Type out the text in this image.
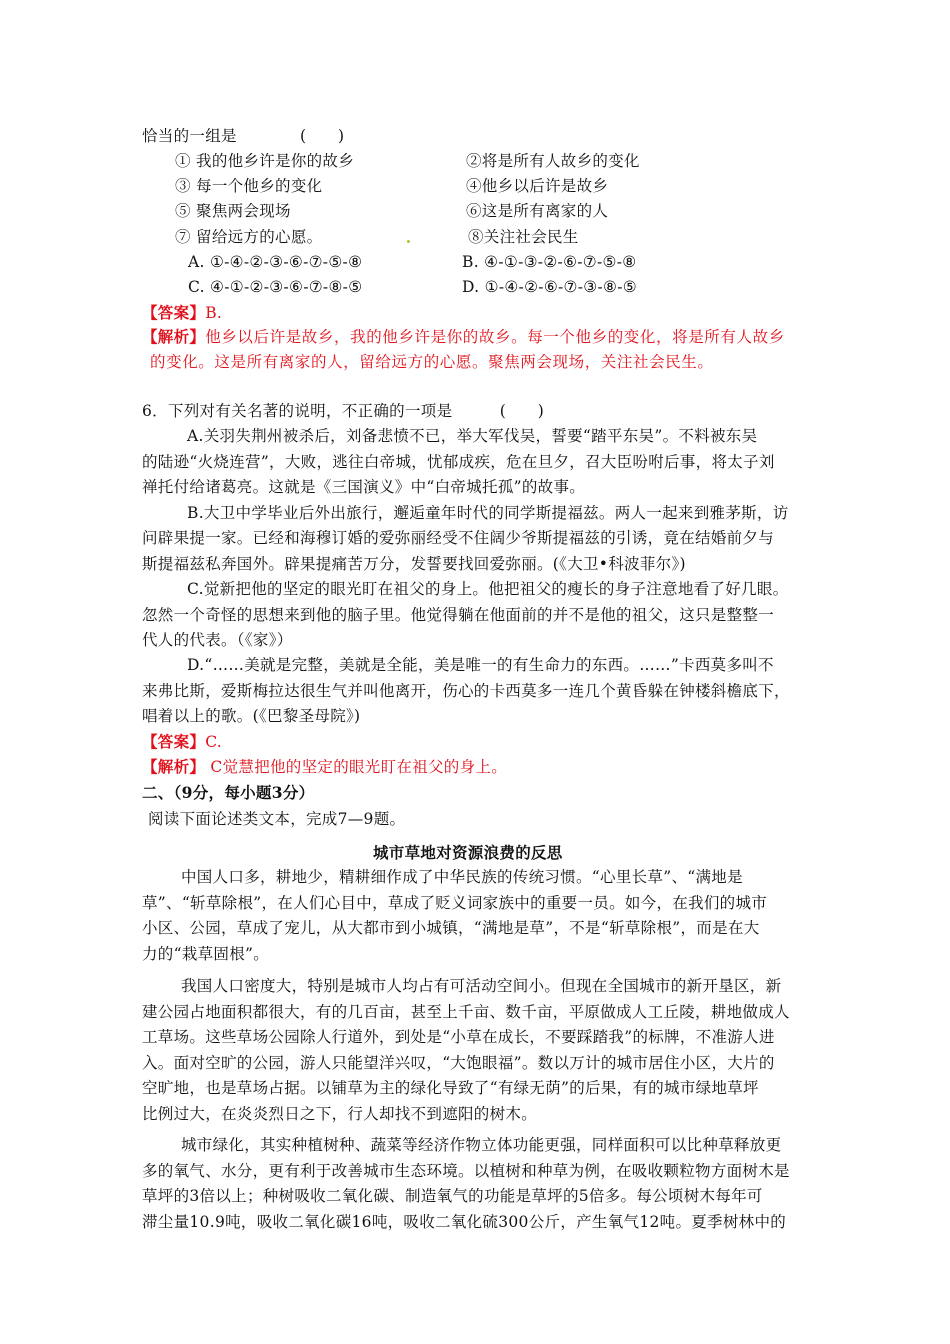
恰当的一组是　　　　(　　)
① 我的他乡许是你的故乡	②将是所有人故乡的变化
③ 每一个他乡的变化	④他乡以后许是故乡
⑤ 聚焦两会现场	⑥这是所有离家的人
⑦ 留给远方的心愿。	⑧关注社会民生
A. ①-④-②-③-⑥-⑦-⑤-⑧	B. ④-①-③-②-⑥-⑦-⑤-⑧
C. ④-①-②-③-⑥-⑦-⑧-⑤	D. ①-④-②-⑥-⑦-③-⑧-⑤
【答案】B.
【解析】他乡以后许是故乡，我的他乡许是你的故乡。每一个他乡的变化，将是所有人故乡
的变化。这是所有离家的人，留给远方的心愿。聚焦两会现场，关注社会民生。
6．下列对有关名著的说明，不正确的一项是　　　(　　)
A.关羽失荆州被杀后，刘备悲愤不已，举大军伐吴，誓要“踏平东吴”。不料被东吴
的陆逊“火烧连营”，大败，逃往白帝城，忧郁成疾，危在旦夕，召大臣吩咐后事，将太子刘
禅托付给诸葛亮。这就是《三国演义》中“白帝城托孤”的故事。
B.大卫中学毕业后外出旅行，邂逅童年时代的同学斯提福兹。两人一起来到雅茅斯，访
问辟果提一家。已经和海穆订婚的爱弥丽经受不住阔少爷斯提福兹的引诱，竟在结婚前夕与
斯提福兹私奔国外。辟果提痛苦万分，发誓要找回爱弥丽。(《大卫•科波菲尔》)
C.觉新把他的坚定的眼光盯在祖父的身上。他把祖父的瘦长的身子注意地看了好几眼。
忽然一个奇怪的思想来到他的脑子里。他觉得躺在他面前的并不是他的祖父，这只是整整一
代人的代表。（《家》）
D.“……美就是完整，美就是全能，美是唯一的有生命力的东西。……”卡西莫多叫不
来弗比斯，爱斯梅拉达很生气并叫他离开，伤心的卡西莫多一连几个黄昏躲在钟楼斜檐底下，
唱着以上的歌。(《巴黎圣母院》)
【答案】C.
【解析】 C觉慧把他的坚定的眼光盯在祖父的身上。
二、（9分，每小题3分）
阅读下面论述类文本，完成7—9题。
城市草地对资源浪费的反思
中国人口多，耕地少，精耕细作成了中华民族的传统习惯。“心里长草”、“满地是
草”、“斩草除根”，在人们心目中，草成了贬义词家族中的重要一员。如今，在我们的城市
小区、公园，草成了宠儿，从大都市到小城镇，“满地是草”，不是“斩草除根”，而是在大
力的“栽草固根”。
我国人口密度大，特别是城市人均占有可活动空间小。但现在全国城市的新开垦区，新
建公园占地面积都很大，有的几百亩，甚至上千亩、数千亩，平原做成人工丘陵，耕地做成人
工草场。这些草场公园除人行道外，到处是“小草在成长，不要踩踏我”的标牌，不准游人进
入。面对空旷的公园，游人只能望洋兴叹，“大饱眼福”。数以万计的城市居住小区，大片的
空旷地，也是草场占据。以铺草为主的绿化导致了“有绿无荫”的后果，有的城市绿地草坪
比例过大，在炎炎烈日之下，行人却找不到遮阳的树木。
城市绿化，其实种植树种、蔬菜等经济作物立体功能更强，同样面积可以比种草释放更
多的氧气、水分，更有利于改善城市生态环境。以植树和种草为例，在吸收颗粒物方面树木是
草坪的3倍以上；种树吸收二氧化碳、制造氧气的功能是草坪的5倍多。每公顷树木每年可
滞尘量10.9吨，吸收二氧化碳16吨，吸收二氧化硫300公斤，产生氧气12吨。夏季树林中的
